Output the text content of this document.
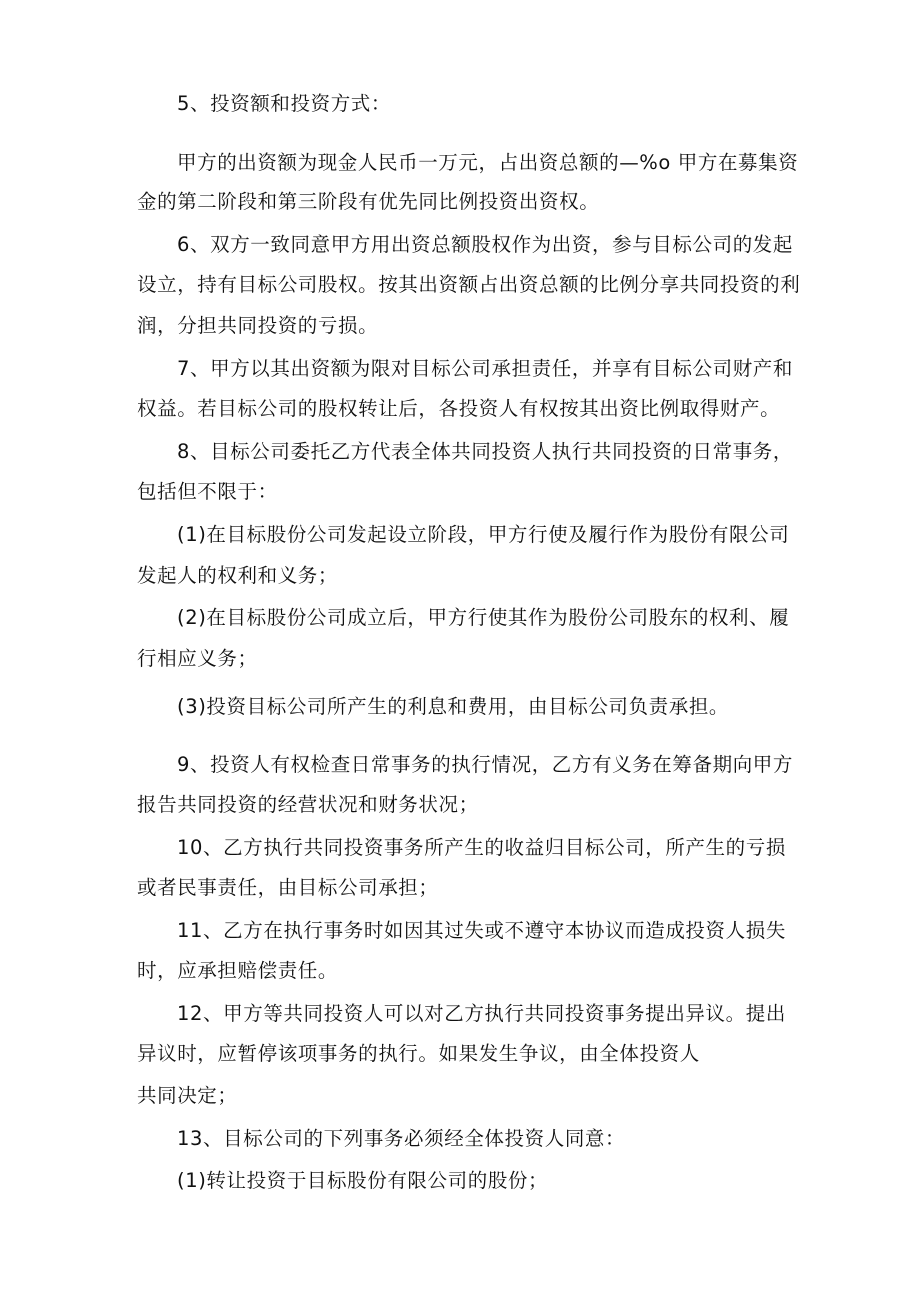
5、投资额和投资方式：
甲方的出资额为现金人民币一万元，占出资总额的—%o 甲方在募集资
金的第二阶段和第三阶段有优先同比例投资出资权。
6、双方一致同意甲方用出资总额股权作为出资，参与目标公司的发起
设立，持有目标公司股权。按其出资额占出资总额的比例分享共同投资的利
润，分担共同投资的亏损。
7、甲方以其出资额为限对目标公司承担责任，并享有目标公司财产和
权益。若目标公司的股权转让后，各投资人有权按其出资比例取得财产。
8、目标公司委托乙方代表全体共同投资人执行共同投资的日常事务，
包括但不限于：
(1)在目标股份公司发起设立阶段，甲方行使及履行作为股份有限公司
发起人的权利和义务；
(2)在目标股份公司成立后，甲方行使其作为股份公司股东的权利、履
行相应义务；
(3)投资目标公司所产生的利息和费用，由目标公司负责承担。
9、投资人有权检查日常事务的执行情况，乙方有义务在筹备期向甲方
报告共同投资的经营状况和财务状况；
10、乙方执行共同投资事务所产生的收益归目标公司，所产生的亏损
或者民事责任，由目标公司承担；
11、乙方在执行事务时如因其过失或不遵守本协议而造成投资人损失
时，应承担赔偿责任。
12、甲方等共同投资人可以对乙方执行共同投资事务提出异议。提出
异议时，应暂停该项事务的执行。如果发生争议，由全体投资人
共同决定；
13、目标公司的下列事务必须经全体投资人同意：
(1)转让投资于目标股份有限公司的股份；
